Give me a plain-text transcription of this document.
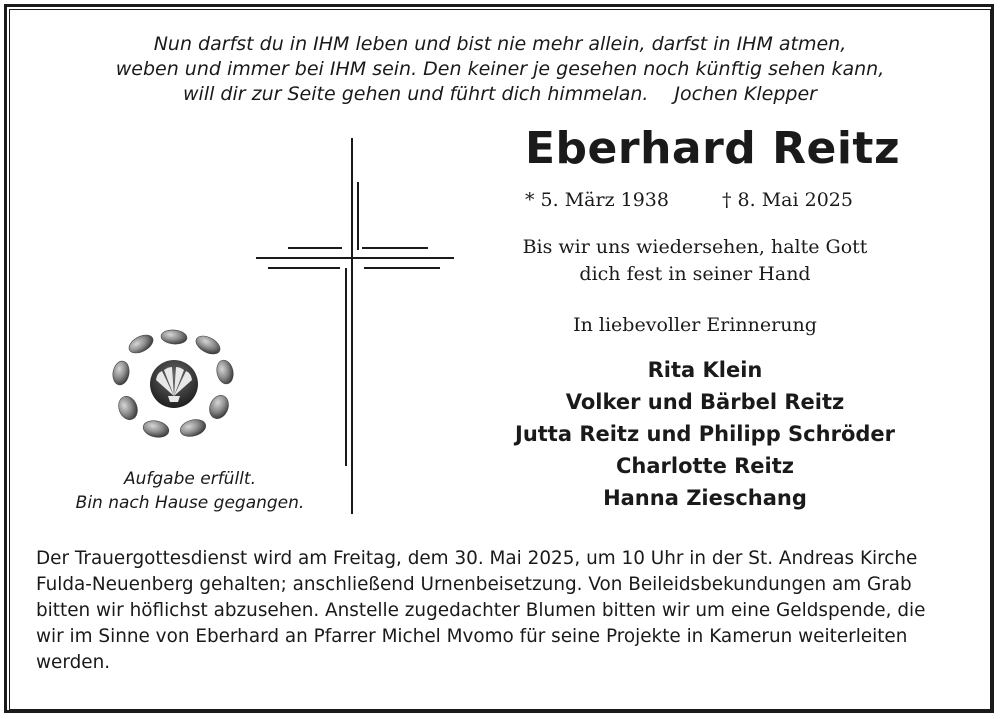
Nun darfst du in IHM leben und bist nie mehr allein, darfst in IHM atmen,
weben und immer bei IHM sein. Den keiner je gesehen noch künftig sehen kann,
will dir zur Seite gehen und führt dich himmelan. Jochen Klepper
Eberhard Reitz
* 5. März 1938	† 8. Mai 2025
Bis wir uns wiedersehen, halte Gott
dich fest in seiner Hand
In liebevoller Erinnerung
Rita Klein
Volker und Bärbel Reitz
Jutta Reitz und Philipp Schröder
Charlotte Reitz
Hanna Zieschang
Aufgabe erfüllt.
Bin nach Hause gegangen.
Der Trauergottesdienst wird am Freitag, dem 30. Mai 2025, um 10 Uhr in der St. Andreas Kirche
Fulda-Neuenberg gehalten; anschließend Urnenbeisetzung. Von Beileidsbekundungen am Grab
bitten wir höflichst abzusehen. Anstelle zugedachter Blumen bitten wir um eine Geldspende, die
wir im Sinne von Eberhard an Pfarrer Michel Mvomo für seine Projekte in Kamerun weiterleiten
werden.
